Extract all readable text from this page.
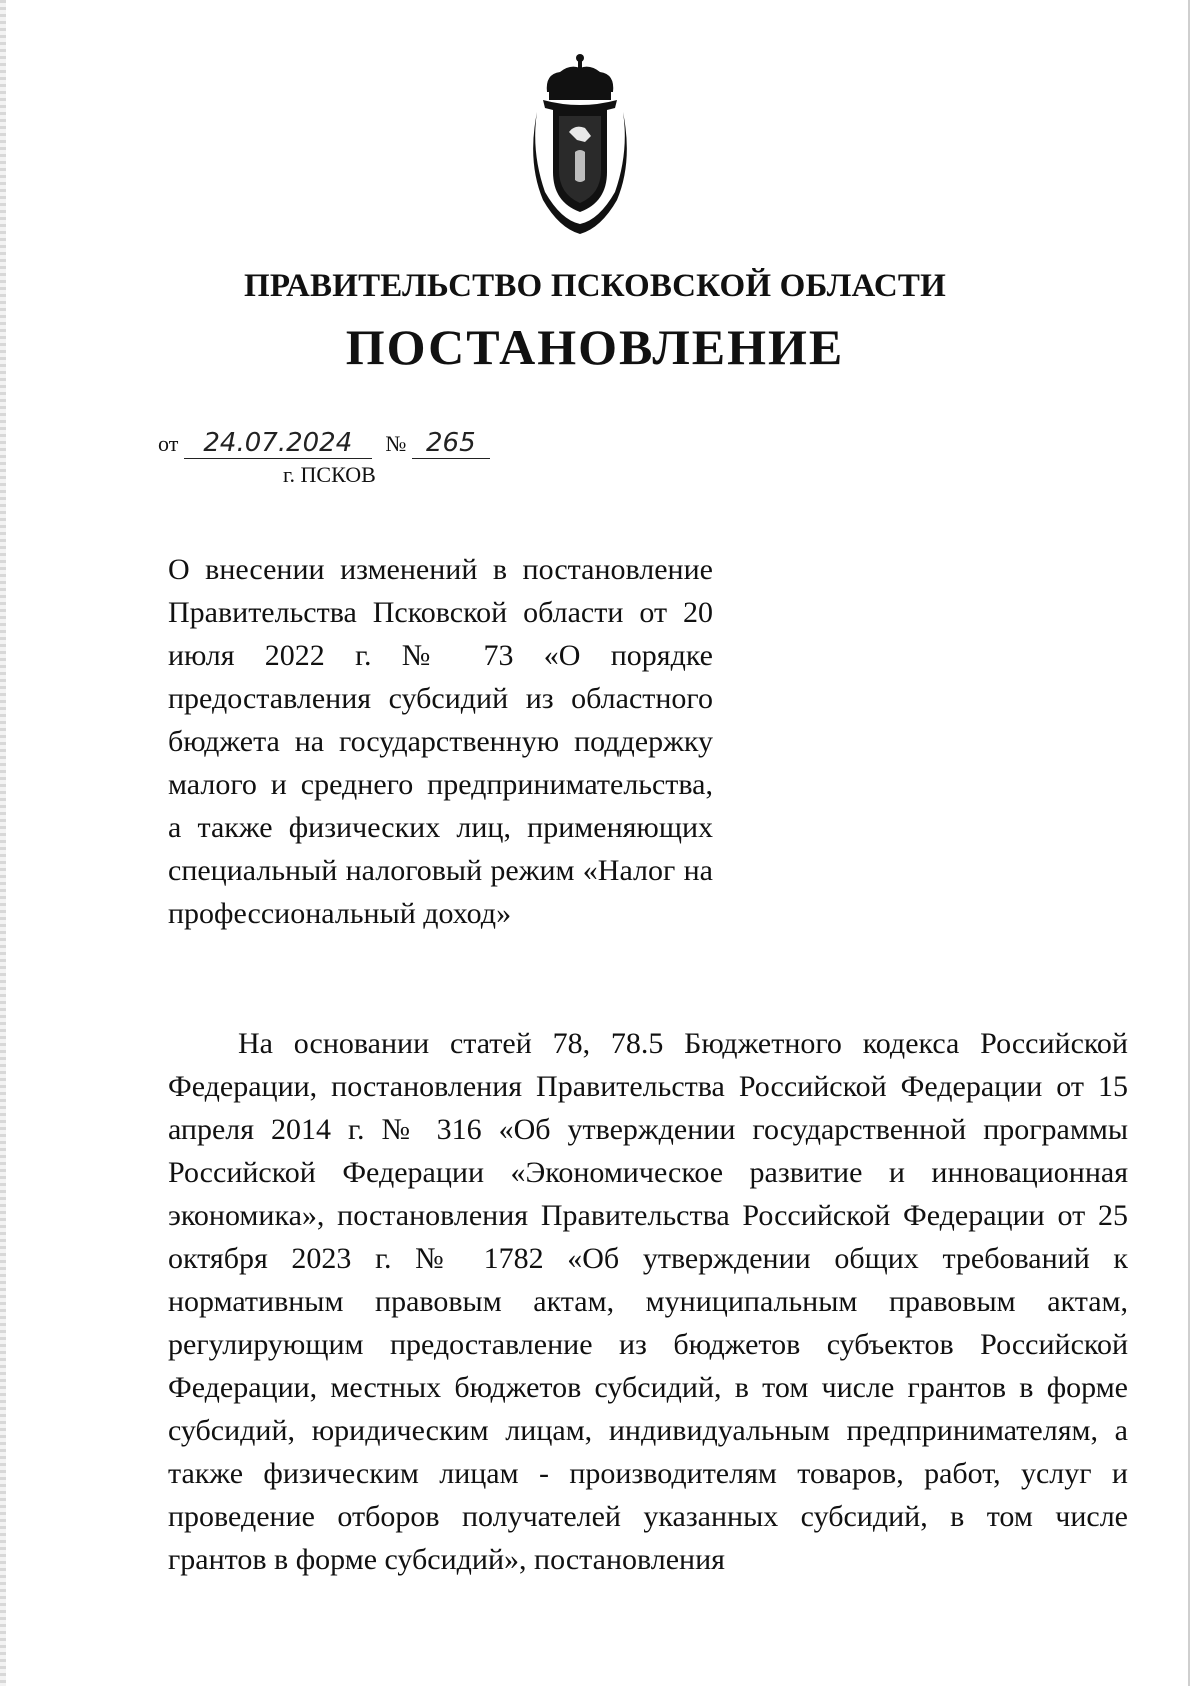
ПРАВИТЕЛЬСТВО ПСКОВСКОЙ ОБЛАСТИ
ПОСТАНОВЛЕНИЕ
от 24.07.2024 № 265
г. ПСКОВ
О внесении изменений в постановление Правительства Псковской области от 20 июля 2022 г. № 73 «О порядке предоставления субсидий из областного бюджета на государственную поддержку малого и среднего предпринимательства, а также физических лиц, применяющих специальный налоговый режим «Налог на профессиональный доход»
На основании статей 78, 78.5 Бюджетного кодекса Российской Федерации, постановления Правительства Российской Федерации от 15 апреля 2014 г. № 316 «Об утверждении государственной программы Российской Федерации «Экономическое развитие и инновационная экономика», постановления Правительства Российской Федерации от 25 октября 2023 г. № 1782 «Об утверждении общих требований к нормативным правовым актам, муниципальным правовым актам, регулирующим предоставление из бюджетов субъектов Российской Федерации, местных бюджетов субсидий, в том числе грантов в форме субсидий, юридическим лицам, индивидуальным предпринимателям, а также физическим лицам - производителям товаров, работ, услуг и проведение отборов получателей указанных субсидий, в том числе грантов в форме субсидий», постановления
